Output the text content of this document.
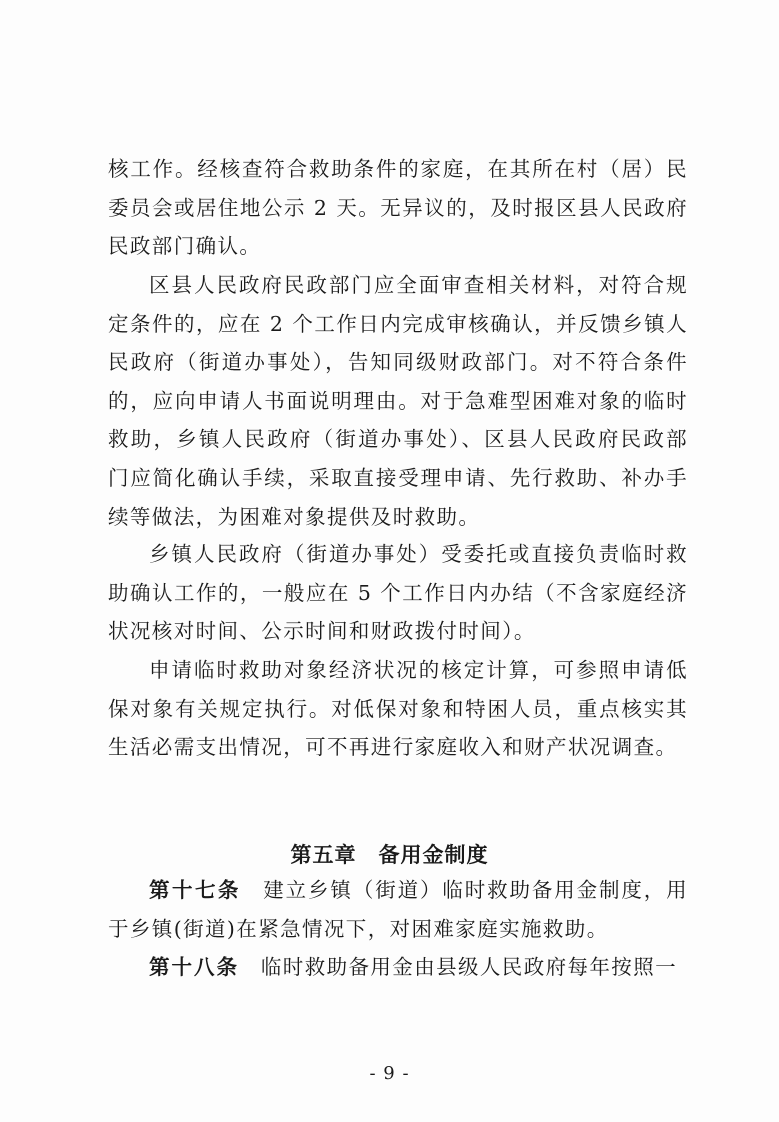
核工作。经核查符合救助条件的家庭，在其所在村（居）民委员会或居住地公示 2 天。无异议的，及时报区县人民政府民政部门确认。

区县人民政府民政部门应全面审查相关材料，对符合规定条件的，应在 2 个工作日内完成审核确认，并反馈乡镇人民政府（街道办事处），告知同级财政部门。对不符合条件的，应向申请人书面说明理由。对于急难型困难对象的临时救助，乡镇人民政府（街道办事处）、区县人民政府民政部门应简化确认手续，采取直接受理申请、先行救助、补办手续等做法，为困难对象提供及时救助。

乡镇人民政府（街道办事处）受委托或直接负责临时救助确认工作的，一般应在 5 个工作日内办结（不含家庭经济状况核对时间、公示时间和财政拨付时间）。

申请临时救助对象经济状况的核定计算，可参照申请低保对象有关规定执行。对低保对象和特困人员，重点核实其生活必需支出情况，可不再进行家庭收入和财产状况调查。

第五章　备用金制度

第十七条　建立乡镇（街道）临时救助备用金制度，用于乡镇(街道)在紧急情况下，对困难家庭实施救助。

第十八条　临时救助备用金由县级人民政府每年按照一

- 9 -
